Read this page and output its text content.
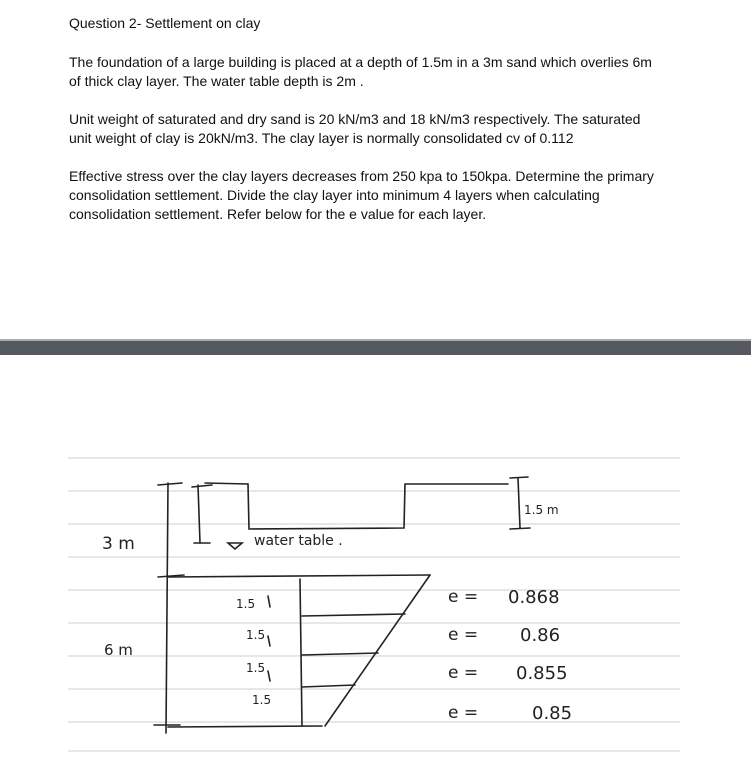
Question 2- Settlement on clay

The foundation of a large building is placed at a depth of 1.5m in a 3m sand which overlies 6m

of thick clay layer. The water table depth is 2m .

Unit weight of saturated and dry sand is 20 kN/m3 and 18 kN/m3 respectively. The saturated

unit weight of clay is 20kN/m3. The clay layer is normally consolidated cv of 0.112

Effective stress over the clay layers decreases from 250 kpa to 150kpa. Determine the primary

consolidation settlement. Divide the clay layer into minimum 4 layers when calculating

consolidation settlement. Refer below for the e value for each layer.

3 m
6 m
water table .
1.5 m
1.5
1.5
1.5
1.5
e =
e =
e =
e =
0.868
0.86
0.855
0.85
